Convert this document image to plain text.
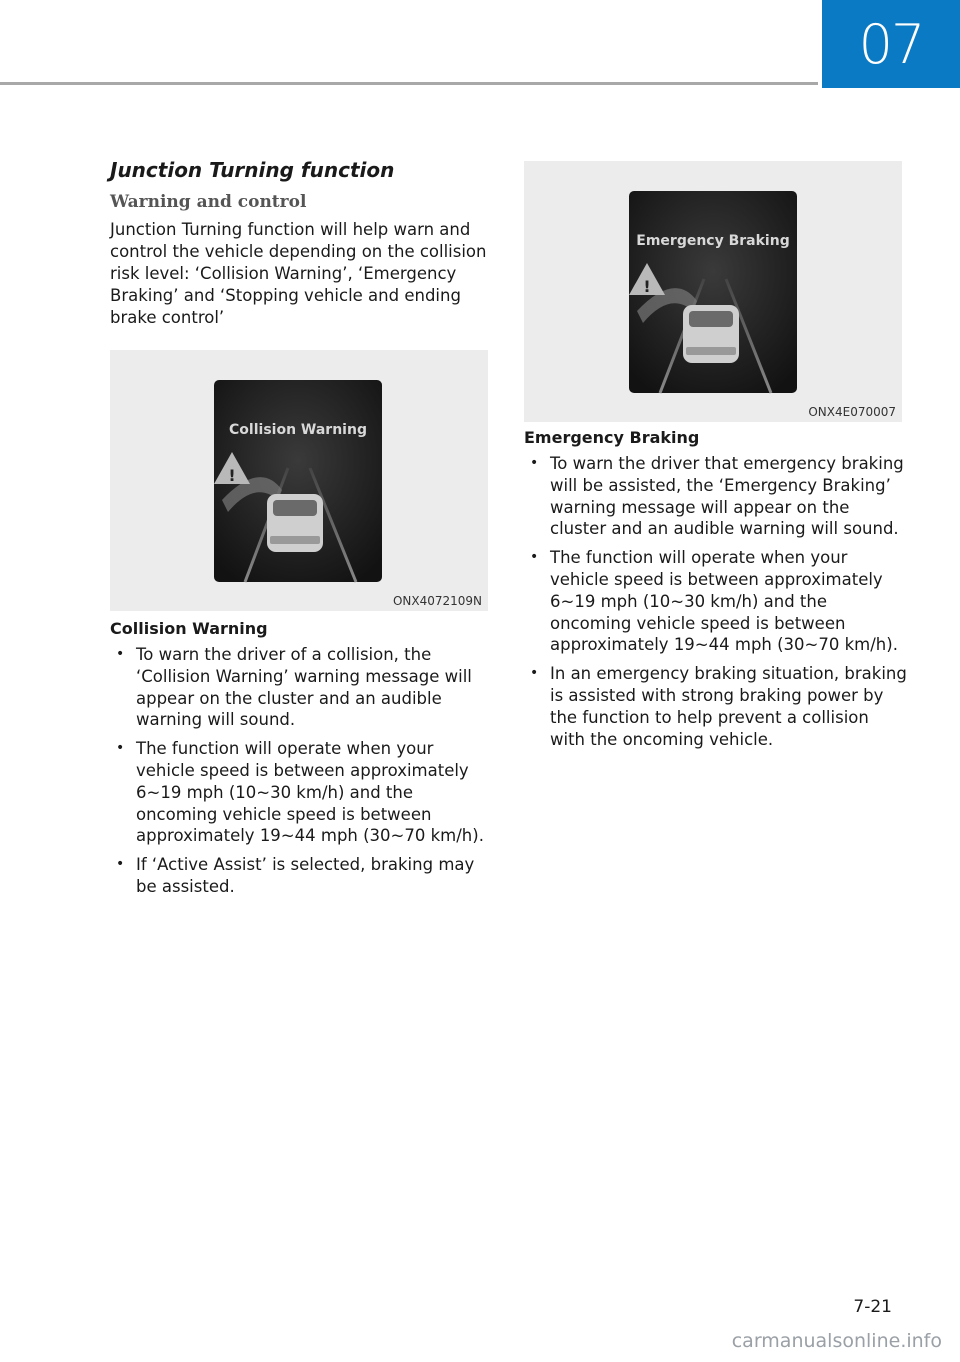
07
Junction Turning function
Warning and control

Junction Turning function will help warn and control the vehicle depending on the collision risk level: ‘Collision Warning’, ‘Emergency Braking’ and ‘Stopping vehicle and ending brake control’

Collision Warning
!
ONX4072109N
Emergency Braking
!
ONX4E070007
Collision Warning
• To warn the driver of a collision, the ‘Collision Warning’ warning message will appear on the cluster and an audible warning will sound.
• The function will operate when your vehicle speed is between approximately 6~19 mph (10~30 km/h) and the oncoming vehicle speed is between approximately 19~44 mph (30~70 km/h).
• If ‘Active Assist’ is selected, braking may be assisted.
Emergency Braking
• To warn the driver that emergency braking will be assisted, the ‘Emergency Braking’ warning message will appear on the cluster and an audible warning will sound.
• The function will operate when your vehicle speed is between approximately 6~19 mph (10~30 km/h) and the oncoming vehicle speed is between approximately 19~44 mph (30~70 km/h).
• In an emergency braking situation, braking is assisted with strong braking power by the function to help prevent a collision with the oncoming vehicle.
7-21
carmanualsonline.info
